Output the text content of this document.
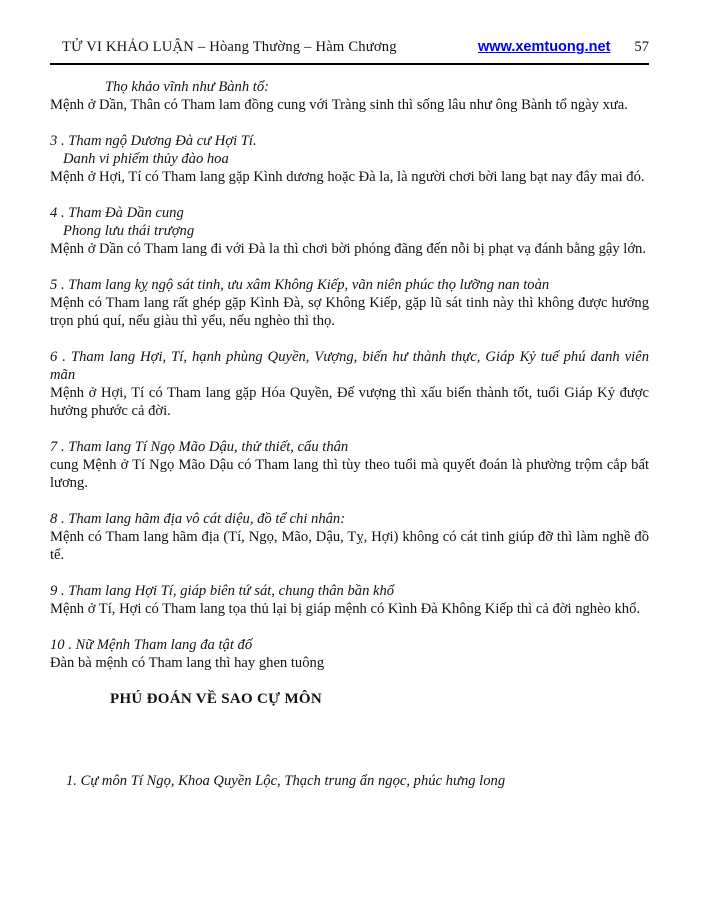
TỬ VI KHẢO LUẬN – Hòang Thường – Hàm Chương	www.xemtuong.net 57

Thọ khảo vĩnh như Bành tổ:

Mệnh ở Dần, Thân có Tham lam đồng cung với Tràng sinh thì sống lâu như ông Bành tổ ngày xưa.

3 . Tham ngộ Dương Đà cư Hợi Tí.

Danh vi phiếm thủy đào hoa

Mệnh ở Hợi, Tí có Tham lang gặp Kình dương hoặc Đà la, là người chơi bời lang bạt nay đây mai đó.

4 . Tham Đà Dần cung

Phong lưu thái trượng

Mệnh ở Dần có Tham lang đi với Đà la thì chơi bời phóng đãng đến nỗi bị phạt vạ đánh bằng gậy lớn.

5 . Tham lang kỵ ngộ sát tinh, ưu xâm Không Kiếp, vãn niên phúc thọ lưỡng nan toàn

Mệnh có Tham lang rất ghép gặp Kình Đà, sợ Không Kiếp, gặp lũ sát tinh này thì không được hưởng trọn phú quí, nếu giàu thì yểu, nếu nghèo thì thọ.

6 . Tham lang Hợi, Tí, hạnh phùng Quyền, Vượng, biến hư thành thực, Giáp Kỷ tuế phú danh viên mãn

Mệnh ở Hợi, Tí có Tham lang gặp Hóa Quyền, Đế vượng thì xấu biến thành tốt, tuổi Giáp Kỷ được hưởng phước cả đời.

7 . Tham lang Tí Ngọ Mão Dậu, thử thiết, cẩu thân

cung Mệnh ở Tí Ngọ Mão Dậu có Tham lang thì tùy theo tuổi mà quyết đoán là phường trộm cắp bất lương.

8 . Tham lang hãm địa vô cát diệu, đồ tể chi nhân:

Mệnh có Tham lang hãm địa (Tí, Ngọ, Mão, Dậu, Tỵ, Hợi) không có cát tinh giúp đỡ thì làm nghề đồ tể.

9 . Tham lang Hợi Tí, giáp biên tứ sát, chung thân bần khổ

Mệnh ở Tí, Hợi có Tham lang tọa thủ lại bị giáp mệnh có Kình Đà Không Kiếp thì cả đời nghèo khổ.

10 . Nữ Mệnh Tham lang đa tật đố

Đàn bà mệnh có Tham lang thì hay ghen tuông

PHÚ ĐOÁN VỀ SAO CỰ MÔN

1. Cự môn Tí Ngọ, Khoa Quyền Lộc, Thạch trung ẩn ngọc, phúc hưng long
